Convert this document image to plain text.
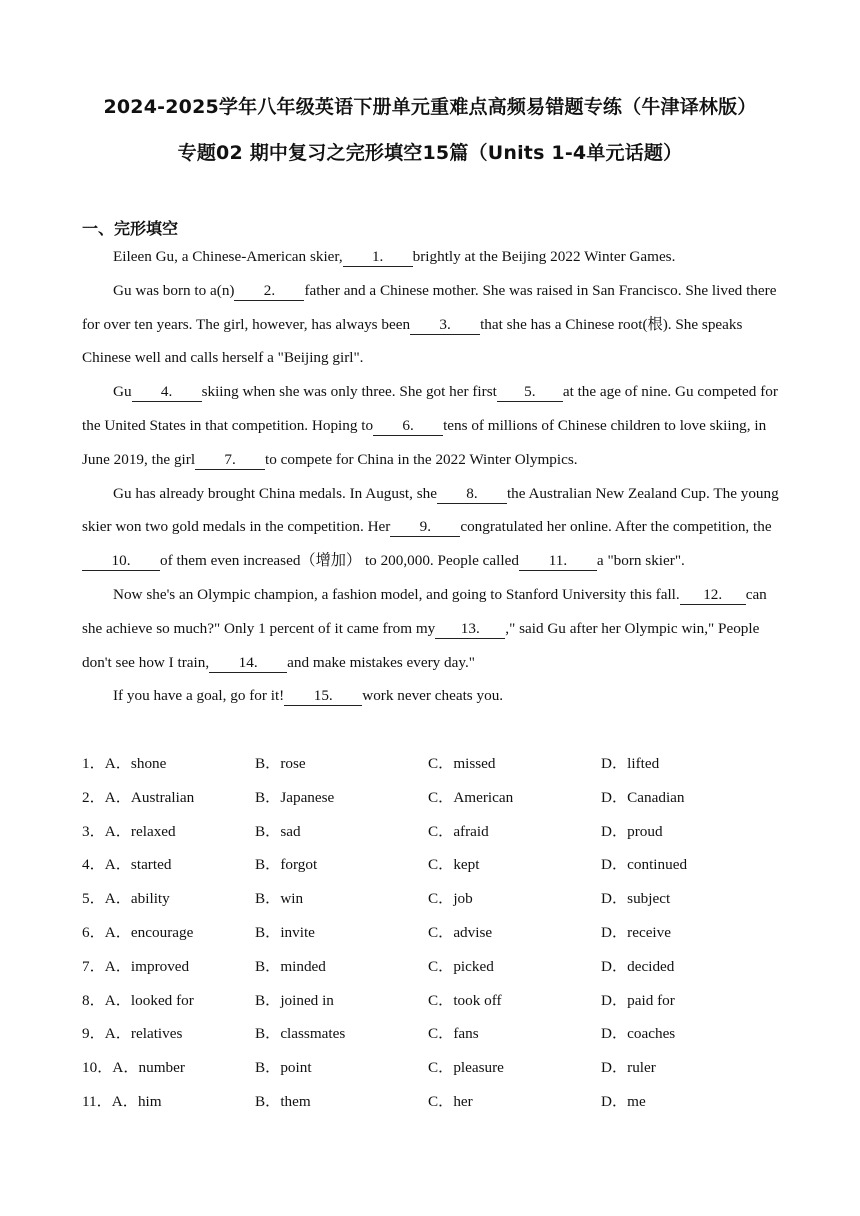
2024-2025学年八年级英语下册单元重难点高频易错题专练（牛津译林版）
专题02 期中复习之完形填空15篇（Units 1-4单元话题）
一、完形填空

Eileen Gu, a Chinese-American skier, 1. brightly at the Beijing 2022 Winter Games.

Gu was born to a(n) 2. father and a Chinese mother. She was raised in San Francisco. She lived there for over ten years. The girl, however, has always been 3. that she has a Chinese root(根). She speaks Chinese well and calls herself a "Beijing girl".

Gu 4. skiing when she was only three. She got her first 5. at the age of nine. Gu competed for the United States in that competition. Hoping to 6. tens of millions of Chinese children to love skiing, in June 2019, the girl 7. to compete for China in the 2022 Winter Olympics.

Gu has already brought China medals. In August, she 8. the Australian New Zealand Cup. The young skier won two gold medals in the competition. Her 9. congratulated her online. After the competition, the10. of them even increased（增加） to 200,000. People called 11. a "born skier".

Now she's an Olympic champion, a fashion model, and going to Stanford University this fall. 12. can she achieve so much?" Only 1 percent of it came from my 13. ," said Gu after her Olympic win," People don't see how I train, 14. and make mistakes every day."

If you have a goal, go for it! 15. work never cheats you.

1．A．shone	B．rose	C．missed	D．lifted
2．A．Australian	B．Japanese	C．American	D．Canadian
3．A．relaxed	B．sad	C．afraid	D．proud
4．A．started	B．forgot	C．kept	D．continued
5．A．ability	B．win	C．job	D．subject
6．A．encourage	B．invite	C．advise	D．receive
7．A．improved	B．minded	C．picked	D．decided
8．A．looked for	B．joined in	C．took off	D．paid for
9．A．relatives	B．classmates	C．fans	D．coaches
10．A．number	B．point	C．pleasure	D．ruler
11．A．him	B．them	C．her	D．me
